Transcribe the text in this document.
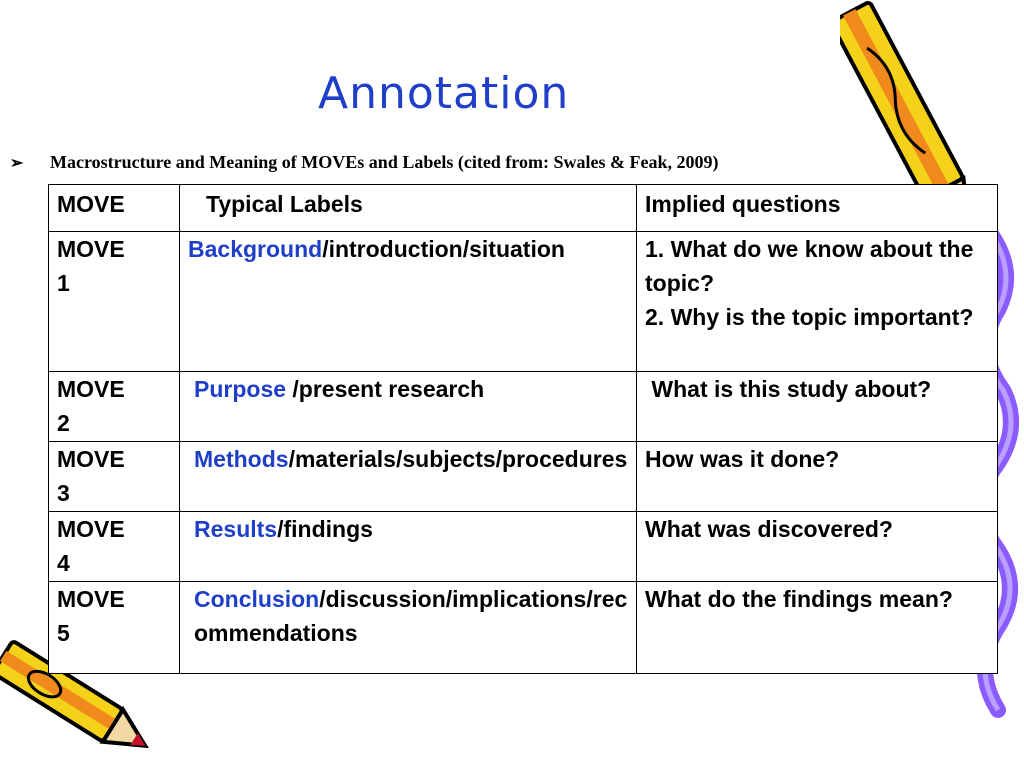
Annotation
➢ Macrostructure and Meaning of MOVEs and Labels (cited from: Swales & Feak, 2009)
MOVE	Typical Labels	Implied questions
MOVE
1	Background/introduction/situation	1. What do we know about the topic?
2. Why is the topic important?
MOVE
2	Purpose /present research	What is this study about?
MOVE
3	Methods/materials/subjects/procedures	How was it done?
MOVE
4	Results/findings	What was discovered?
MOVE
5	Conclusion/discussion/implications/recommendations	What do the findings mean?
